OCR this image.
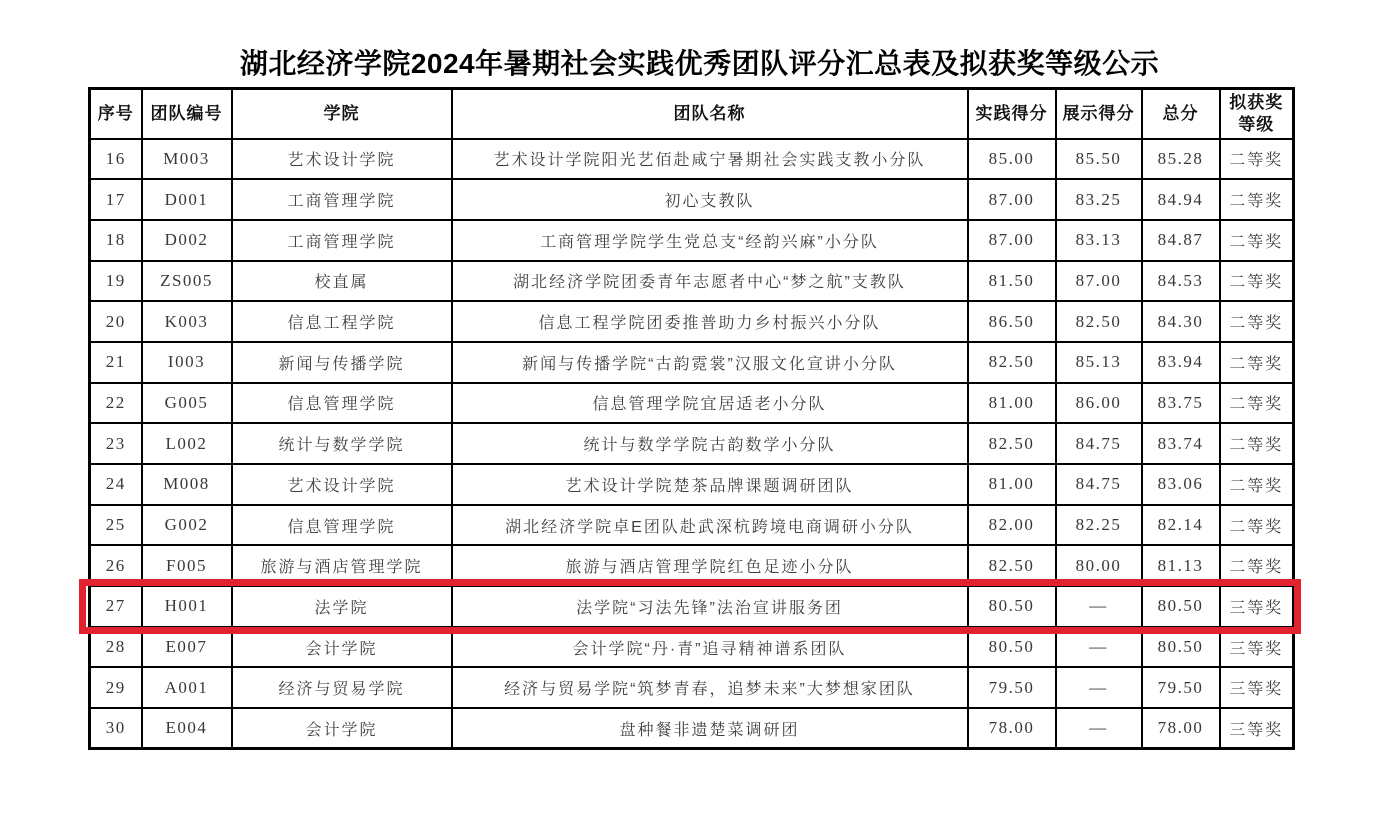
湖北经济学院2024年暑期社会实践优秀团队评分汇总表及拟获奖等级公示
序号	团队编号	学院	团队名称	实践得分	展示得分	总分	拟获奖等级
16	M003	艺术设计学院	艺术设计学院阳光艺佰赴咸宁暑期社会实践支教小分队	85.00	85.50	85.28	二等奖
17	D001	工商管理学院	初心支教队	87.00	83.25	84.94	二等奖
18	D002	工商管理学院	工商管理学院学生党总支“经韵兴麻”小分队	87.00	83.13	84.87	二等奖
19	ZS005	校直属	湖北经济学院团委青年志愿者中心“梦之航”支教队	81.50	87.00	84.53	二等奖
20	K003	信息工程学院	信息工程学院团委推普助力乡村振兴小分队	86.50	82.50	84.30	二等奖
21	I003	新闻与传播学院	新闻与传播学院“古韵霓裳”汉服文化宣讲小分队	82.50	85.13	83.94	二等奖
22	G005	信息管理学院	信息管理学院宜居适老小分队	81.00	86.00	83.75	二等奖
23	L002	统计与数学学院	统计与数学学院古韵数学小分队	82.50	84.75	83.74	二等奖
24	M008	艺术设计学院	艺术设计学院楚茶品牌课题调研团队	81.00	84.75	83.06	二等奖
25	G002	信息管理学院	湖北经济学院卓E团队赴武深杭跨境电商调研小分队	82.00	82.25	82.14	二等奖
26	F005	旅游与酒店管理学院	旅游与酒店管理学院红色足迹小分队	82.50	80.00	81.13	二等奖
27	H001	法学院	法学院“习法先锋”法治宣讲服务团	80.50	—	80.50	三等奖
28	E007	会计学院	会计学院“丹·青”追寻精神谱系团队	80.50	—	80.50	三等奖
29	A001	经济与贸易学院	经济与贸易学院“筑梦青春，追梦未来”大梦想家团队	79.50	—	79.50	三等奖
30	E004	会计学院	盘种餐非遗楚菜调研团	78.00	—	78.00	三等奖
